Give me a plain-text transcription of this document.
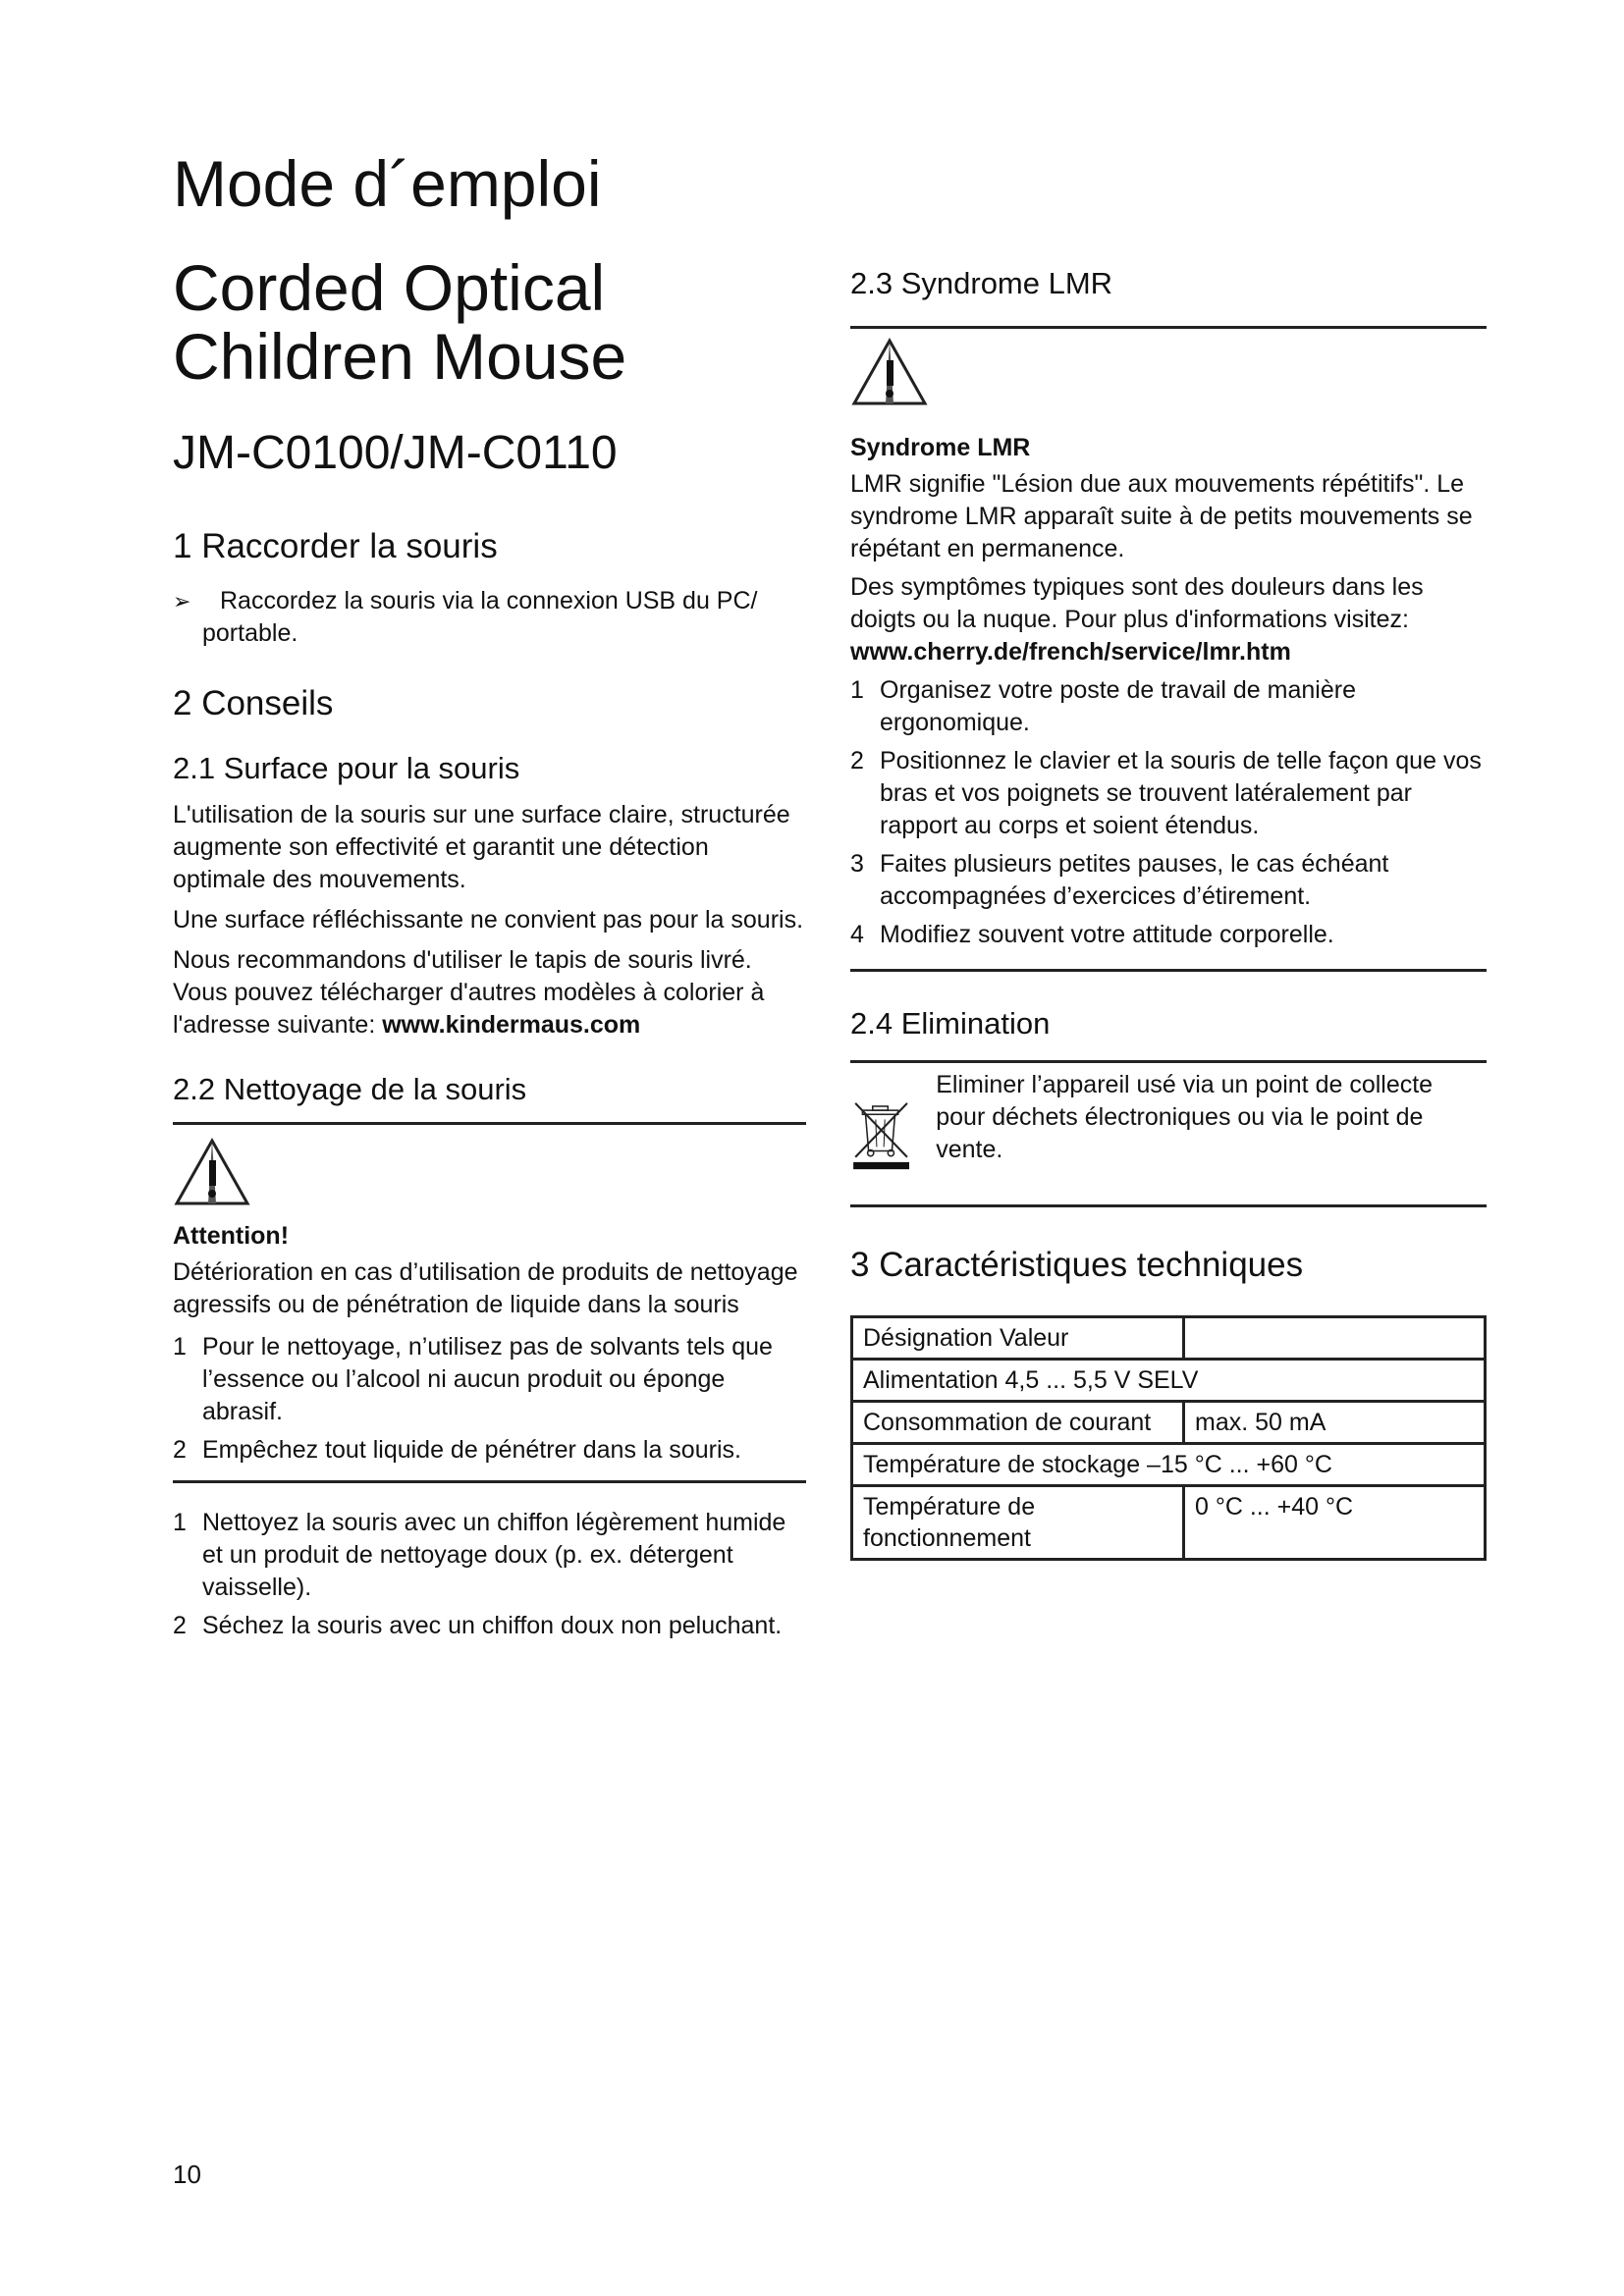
Mode d´emploi
Corded Optical
Children Mouse
JM-C0100/JM-C0110
1 Raccorder la souris
➢	Raccordez la souris via la connexion USB du PC/
portable.
2 Conseils
2.1 Surface pour la souris

L'utilisation de la souris sur une surface claire, structurée augmente son effectivité et garantit une détection optimale des mouvements.

Une surface réfléchissante ne convient pas pour la souris.

Nous recommandons d'utiliser le tapis de souris livré. Vous pouvez télécharger d'autres modèles à colorier à l'adresse suivante: www.kindermaus.com

2.2 Nettoyage de la souris

Attention!

Détérioration en cas d’utilisation de produits de nettoyage agressifs ou de pénétration de liquide dans la souris

1 Pour le nettoyage, n’utilisez pas de solvants tels que l’essence ou l’alcool ni aucun produit ou éponge abrasif.
2 Empêchez tout liquide de pénétrer dans la souris.
1 Nettoyez la souris avec un chiffon légèrement humide et un produit de nettoyage doux (p. ex. détergent vaisselle).
2 Séchez la souris avec un chiffon doux non peluchant.
2.3 Syndrome LMR

Syndrome LMR

LMR signifie "Lésion due aux mouvements répétitifs". Le syndrome LMR apparaît suite à de petits mouvements se répétant en permanence.

Des symptômes typiques sont des douleurs dans les doigts ou la nuque. Pour plus d'informations visitez:

www.cherry.de/french/service/lmr.htm

1 Organisez votre poste de travail de manière ergonomique.
2 Positionnez le clavier et la souris de telle façon que vos bras et vos poignets se trouvent latéralement par rapport au corps et soient étendus.
3 Faites plusieurs petites pauses, le cas échéant accompagnées d’exercices d’étirement.
4 Modifiez souvent votre attitude corporelle.
2.4 Elimination

Eliminer l’appareil usé via un point de collecte pour déchets électroniques ou via le point de vente.

3 Caractéristiques techniques
Désignation Valeur	
Alimentation 4,5 ... 5,5 V SELV	
Consommation de courant	max. 50 mA
Température de stockage –15 °C ... +60 °C	
Température de fonctionnement	0 °C ... +40 °C
10
